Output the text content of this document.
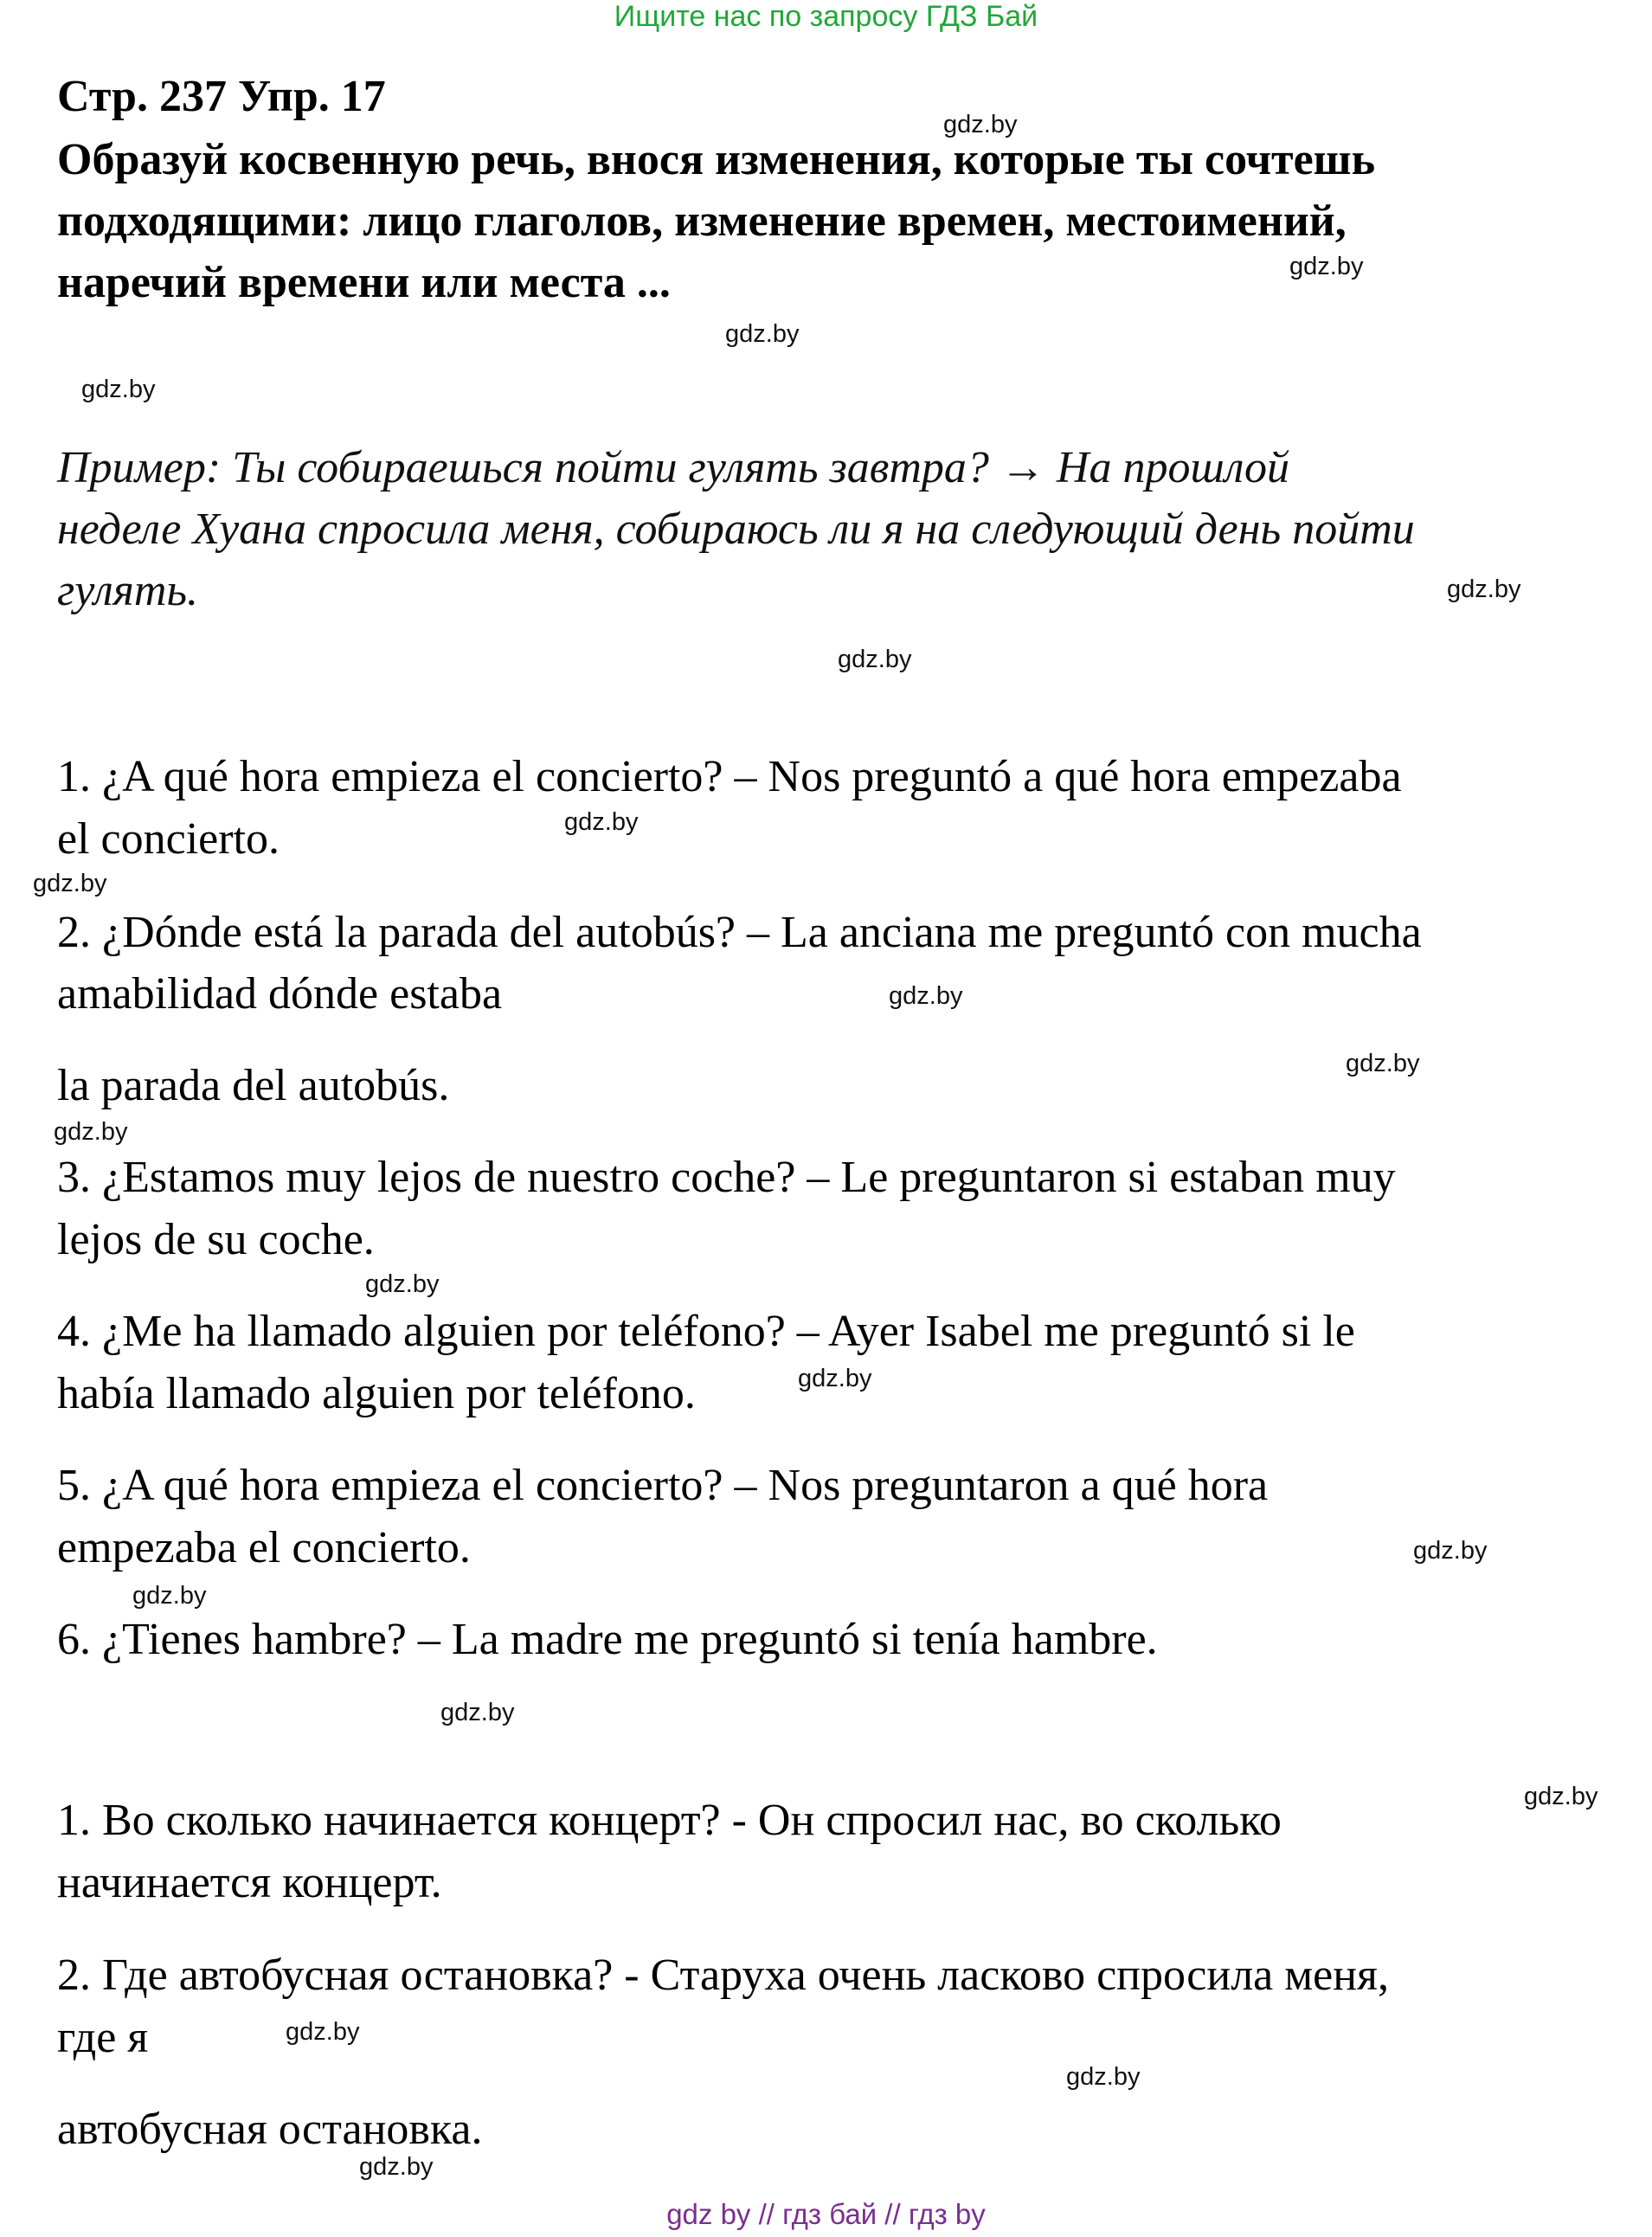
Ищите нас по запросу ГДЗ Бай
Стр. 237 Упр. 17
Образуй косвенную речь, внося изменения, которые ты сочтешь
подходящими: лицо глаголов, изменение времен, местоимений,
наречий времени или места ...
Пример: Ты собираешься пойти гулять завтра? → На прошлой
неделе Хуана спросила меня, собираюсь ли я на следующий день пойти
гулять.
1. ¿A qué hora empieza el concierto? – Nos preguntó a qué hora empezaba
el concierto.
2. ¿Dónde está la parada del autobús? – La anciana me preguntó con mucha
amabilidad dónde estaba
la parada del autobús.
3. ¿Estamos muy lejos de nuestro coche? – Le preguntaron si estaban muy
lejos de su coche.
4. ¿Me ha llamado alguien por teléfono? – Ayer Isabel me preguntó si le
había llamado alguien por teléfono.
5. ¿A qué hora empieza el concierto? – Nos preguntaron a qué hora
empezaba el concierto.
6. ¿Tienes hambre? – La madre me preguntó si tenía hambre.
1. Во сколько начинается концерт? - Он спросил нас, во сколько
начинается концерт.
2. Где автобусная остановка? - Старуха очень ласково спросила меня,
где я
автобусная остановка.
gdz.by
gdz.by
gdz.by
gdz.by
gdz.by
gdz.by
gdz.by
gdz.by
gdz.by
gdz.by
gdz.by
gdz.by
gdz.by
gdz.by
gdz.by
gdz.by
gdz.by
gdz.by
gdz.by
gdz.by
gdz by // гдз бай // гдз by
